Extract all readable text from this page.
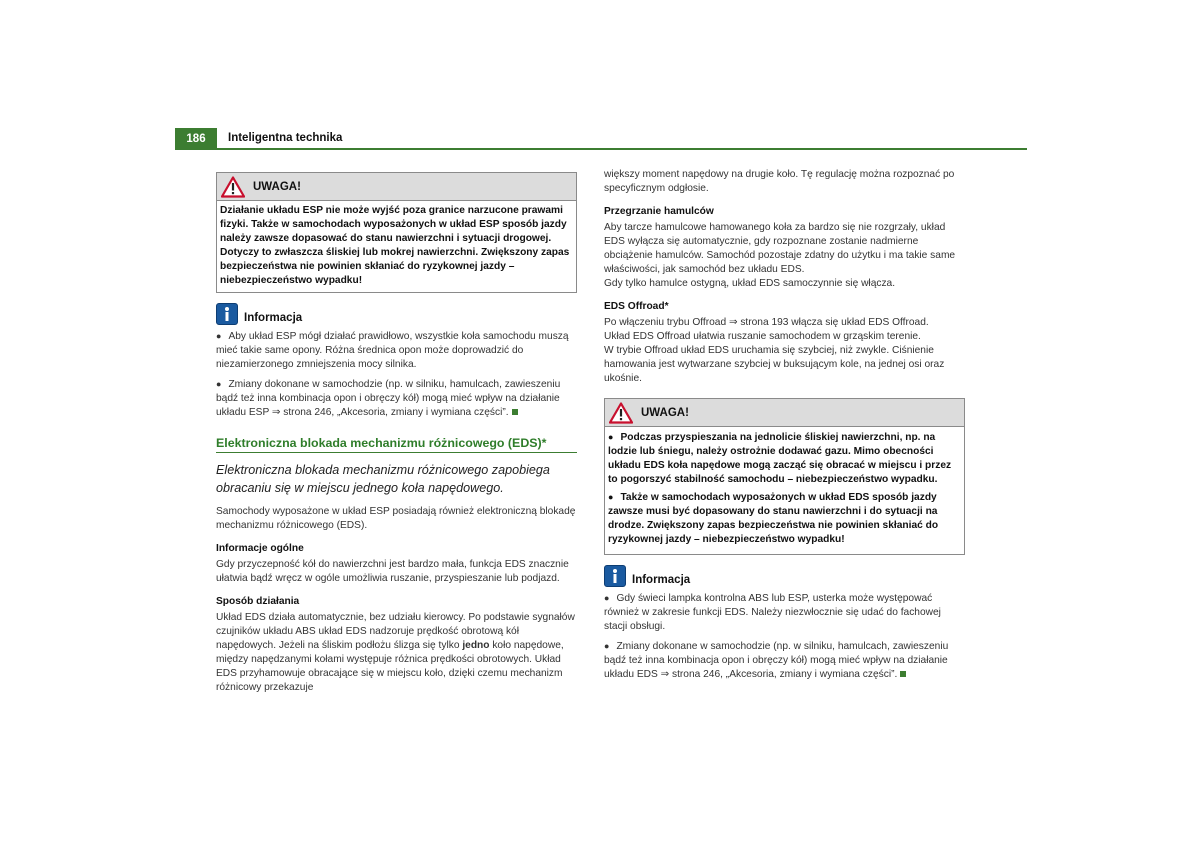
186	Inteligentna technika
UWAGA!
Działanie układu ESP nie może wyjść poza granice narzucone prawami fizyki. Także w samochodach wyposażonych w układ ESP sposób jazdy należy zawsze dopasować do stanu nawierzchni i sytuacji drogowej. Dotyczy to zwłaszcza śliskiej lub mokrej nawierzchni. Zwiększony zapas bezpieczeństwa nie powinien skłaniać do ryzykownej jazdy – niebezpieczeństwo wypadku!
Informacja
● Aby układ ESP mógł działać prawidłowo, wszystkie koła samochodu muszą mieć takie same opony. Różna średnica opon może doprowadzić do niezamierzonego zmniejszenia mocy silnika.
● Zmiany dokonane w samochodzie (np. w silniku, hamulcach, zawieszeniu bądź też inna kombinacja opon i obręczy kół) mogą mieć wpływ na działanie układu ESP ⇒ strona 246, „Akcesoria, zmiany i wymiana części”.
Elektroniczna blokada mechanizmu różnicowego (EDS)*
Elektroniczna blokada mechanizmu różnicowego zapobiega obracaniu się w miejscu jednego koła napędowego.

Samochody wyposażone w układ ESP posiadają również elektroniczną blokadę mechanizmu różnicowego (EDS).

Informacje ogólne

Gdy przyczepność kół do nawierzchni jest bardzo mała, funkcja EDS znacznie ułatwia bądź wręcz w ogóle umożliwia ruszanie, przyspieszanie lub podjazd.

Sposób działania

Układ EDS działa automatycznie, bez udziału kierowcy. Po podstawie sygnałów czujników układu ABS układ EDS nadzoruje prędkość obrotową kół napędowych. Jeżeli na śliskim podłożu ślizga się tylko jedno koło napędowe, między napędzanymi kołami występuje różnica prędkości obrotowych. Układ EDS przyhamowuje obracające się w miejscu koło, dzięki czemu mechanizm różnicowy przekazuje

większy moment napędowy na drugie koło. Tę regulację można rozpoznać po specyficznym odgłosie.

Przegrzanie hamulców

Aby tarcze hamulcowe hamowanego koła za bardzo się nie rozgrzały, układ EDS wyłącza się automatycznie, gdy rozpoznane zostanie nadmierne obciążenie hamulców. Samochód pozostaje zdatny do użytku i ma takie same właściwości, jak samochód bez układu EDS.

Gdy tylko hamulce ostygną, układ EDS samoczynnie się włącza.

EDS Offroad*

Po włączeniu trybu Offroad ⇒ strona 193 włącza się układ EDS Offroad.

Układ EDS Offroad ułatwia ruszanie samochodem w grząskim terenie.

W trybie Offroad układ EDS uruchamia się szybciej, niż zwykle. Ciśnienie hamowania jest wytwarzane szybciej w buksującym kole, na jednej osi oraz ukośnie.

UWAGA!
● Podczas przyspieszania na jednolicie śliskiej nawierzchni, np. na lodzie lub śniegu, należy ostrożnie dodawać gazu. Mimo obecności układu EDS koła napędowe mogą zacząć się obracać w miejscu i przez to pogorszyć stabilność samochodu – niebezpieczeństwo wypadku.
● Także w samochodach wyposażonych w układ EDS sposób jazdy zawsze musi być dopasowany do stanu nawierzchni i do sytuacji na drodze. Zwiększony zapas bezpieczeństwa nie powinien skłaniać do ryzykownej jazdy – niebezpieczeństwo wypadku!
Informacja
● Gdy świeci lampka kontrolna ABS lub ESP, usterka może występować również w zakresie funkcji EDS. Należy niezwłocznie się udać do fachowej stacji obsługi.
● Zmiany dokonane w samochodzie (np. w silniku, hamulcach, zawieszeniu bądź też inna kombinacja opon i obręczy kół) mogą mieć wpływ na działanie układu EDS ⇒ strona 246, „Akcesoria, zmiany i wymiana części”.
